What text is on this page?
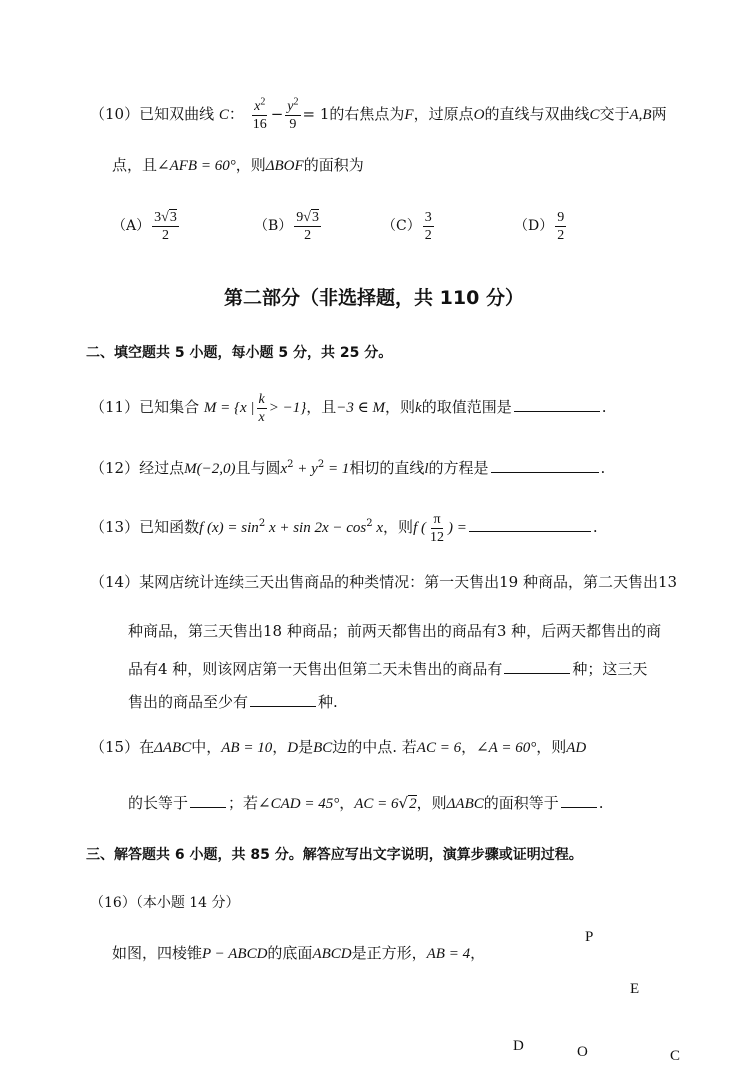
（10）已知双曲线 C： $\frac{x^2}{16} - \frac{y^2}{9} = 1$的右焦点为F，过原点O的直线与双曲线C交于A,B两
点，且∠AFB = 60°，则ΔBOF的面积为
$(A) \frac{3√3}{2}$	$(B) \frac{9√3}{2}$	$(C) \frac{3}{2}$	$(D) \frac{9}{2}$
第二部分（非选择题，共 110 分）
二、填空题共 5 小题，每小题 5 分，共 25 分。
（11）已知集合 M = {x | $\frac{k}{x} > -1$}，且−3 ∈ M，则k的取值范围是	.
（12）经过点M(−2,0)且与圆$x^2 + y^2 = 1$相切的直线l的方程是	.
（13）已知函数f $(x) = \sin^2 x + \sin 2x - \cos^2 x$，则f ( $\frac{\pi}{12}$ ) =	.
（14）某网店统计连续三天出售商品的种类情况：第一天售出19 种商品，第二天售出13
种商品，第三天售出18 种商品；前两天都售出的商品有3 种，后两天都售出的商
品有4 种，则该网店第一天售出但第二天未售出的商品有	种；这三天
售出的商品至少有	种.
（15）在ΔABC中，AB = 10，D是BC边的中点. 若AC = 6，∠A = 60°，则AD
的长等于	；若∠CAD = 45°，AC = 6√2，则ΔABC的面积等于	.
三、解答题共 6 小题，共 85 分。解答应写出文字说明，演算步骤或证明过程。
（16）（本小题 14 分）
如图，四棱锥P − ABCD的底面ABCD是正方形，AB = 4，
P
E
D	O	C
